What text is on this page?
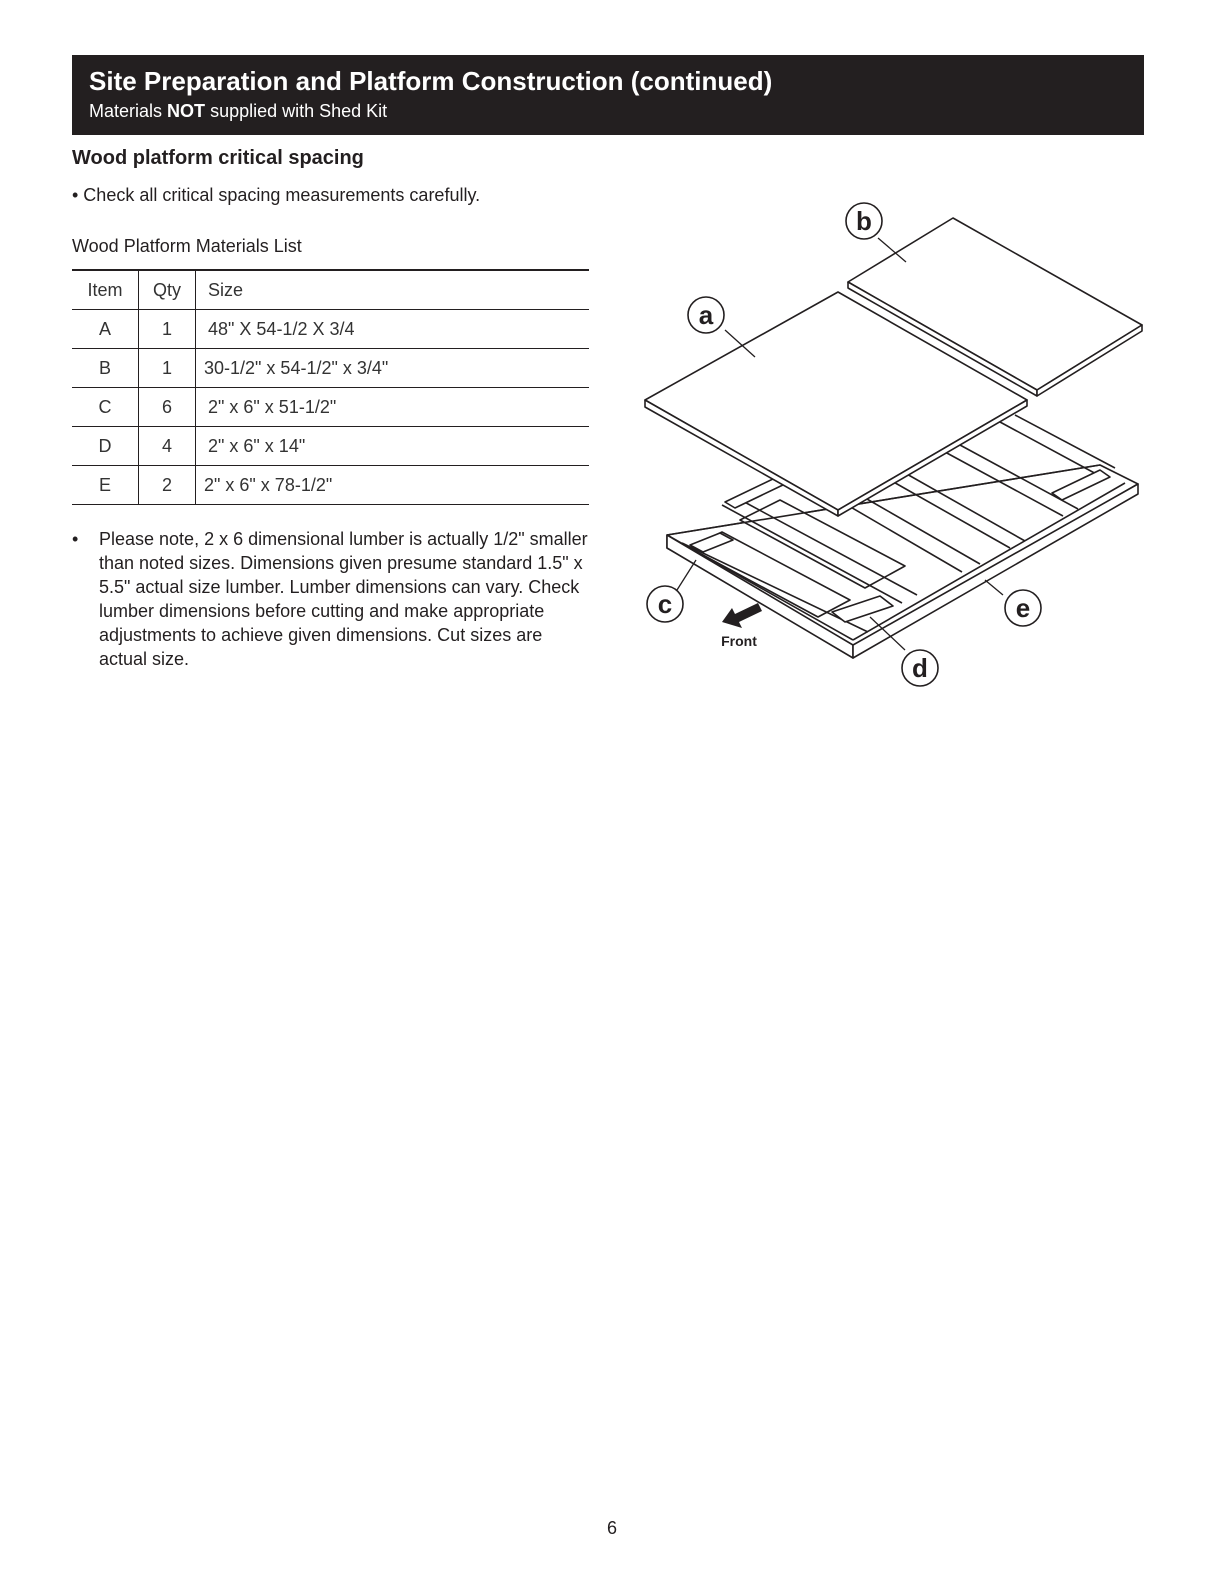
Site Preparation and Platform Construction (continued)

Materials NOT supplied with Shed Kit

Wood platform critical spacing

• Check all critical spacing measurements carefully.

Wood Platform Materials List

Item	Qty	Size
A	1	48" X 54-1/2 X 3/4
B	1	30-1/2" x 54-1/2" x 3/4"
C	6	2" x 6" x 51-1/2"
D	4	2" x 6" x 14"
E	2	2" x 6" x 78-1/2"
• Please note, 2 x 6 dimensional lumber is actually 1/2" smaller than noted sizes. Dimensions given presume standard 1.5" x 5.5" actual size lumber. Lumber dimensions can vary. Check lumber dimensions before cutting and make appropriate adjustments to achieve given dimensions. Cut sizes are actual size.
a
b
c
d
e
Front
6
